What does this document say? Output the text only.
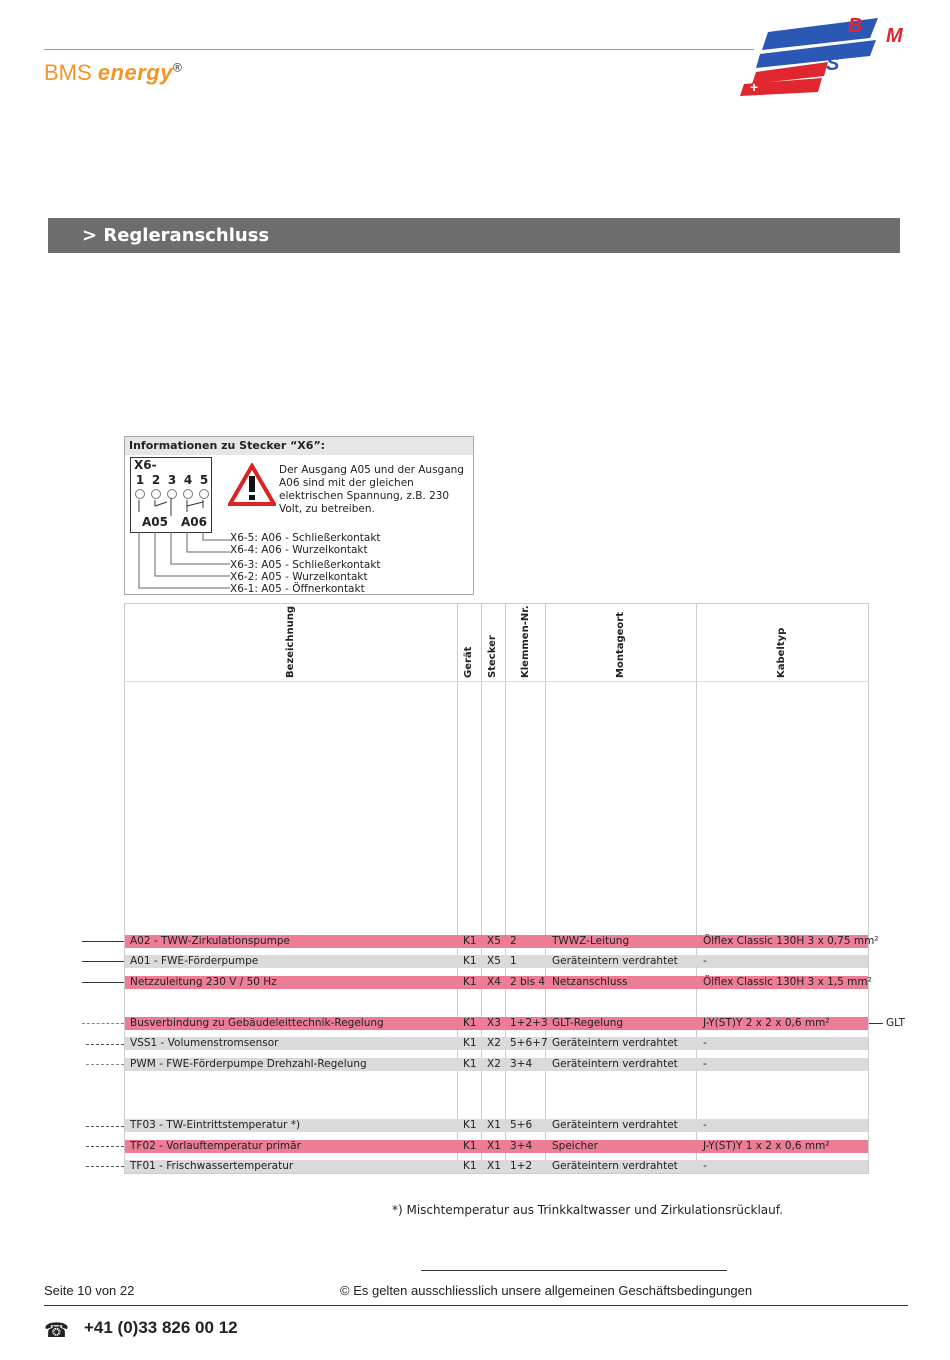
BMS energy®
B M
S
+
> Regleranschluss
Informationen zu Stecker “X6”:
X6-
1 2 3 4 5
A05 A06
Der Ausgang A05 und der Ausgang A06 sind mit der gleichen elektrischen Spannung, z.B. 230 Volt, zu betreiben.
X6-5: A06 - Schließerkontakt
X6-4: A06 - Wurzelkontakt
X6-3: A05 - Schließerkontakt
X6-2: A05 - Wurzelkontakt
X6-1: A05 - Öffnerkontakt
Bezeichnung	Gerät Stecker Klemmen-Nr.	Montageort	Kabeltyp
A02 - TWW-Zirkulationspumpe	K1 X5 2	TWWZ-Leitung	Ölflex Classic 130H 3 x 0,75 mm²
A01 - FWE-Förderpumpe	K1 X5 1	Geräteintern verdrahtet -
Netzzuleitung 230 V / 50 Hz	K1 X4 2 bis 4 Netzanschluss	Ölflex Classic 130H 3 x 1,5 mm²
Busverbindung zu Gebäudeleittechnik-Regelung	K1 X3 1+2+3 GLT-Regelung	J-Y(ST)Y 2 x 2 x 0,6 mm²
VSS1 - Volumenstromsensor	K1 X2 5+6+7 Geräteintern verdrahtet -
PWM - FWE-Förderpumpe Drehzahl-Regelung	K1 X2 3+4 Geräteintern verdrahtet -
TF03 - TW-Eintrittstemperatur *)	K1 X1 5+6 Geräteintern verdrahtet -
TF02 - Vorlauftemperatur primär	K1 X1 3+4 Speicher	J-Y(ST)Y 1 x 2 x 0,6 mm²
TF01 - Frischwassertemperatur	K1 X1 1+2 Geräteintern verdrahtet -
GLT
*) Mischtemperatur aus Trinkkaltwasser und Zirkulationsrücklauf.
Seite 10 von 22	© Es gelten ausschliesslich unsere allgemeinen Geschäftsbedingungen
☎ +41 (0)33 826 00 12
